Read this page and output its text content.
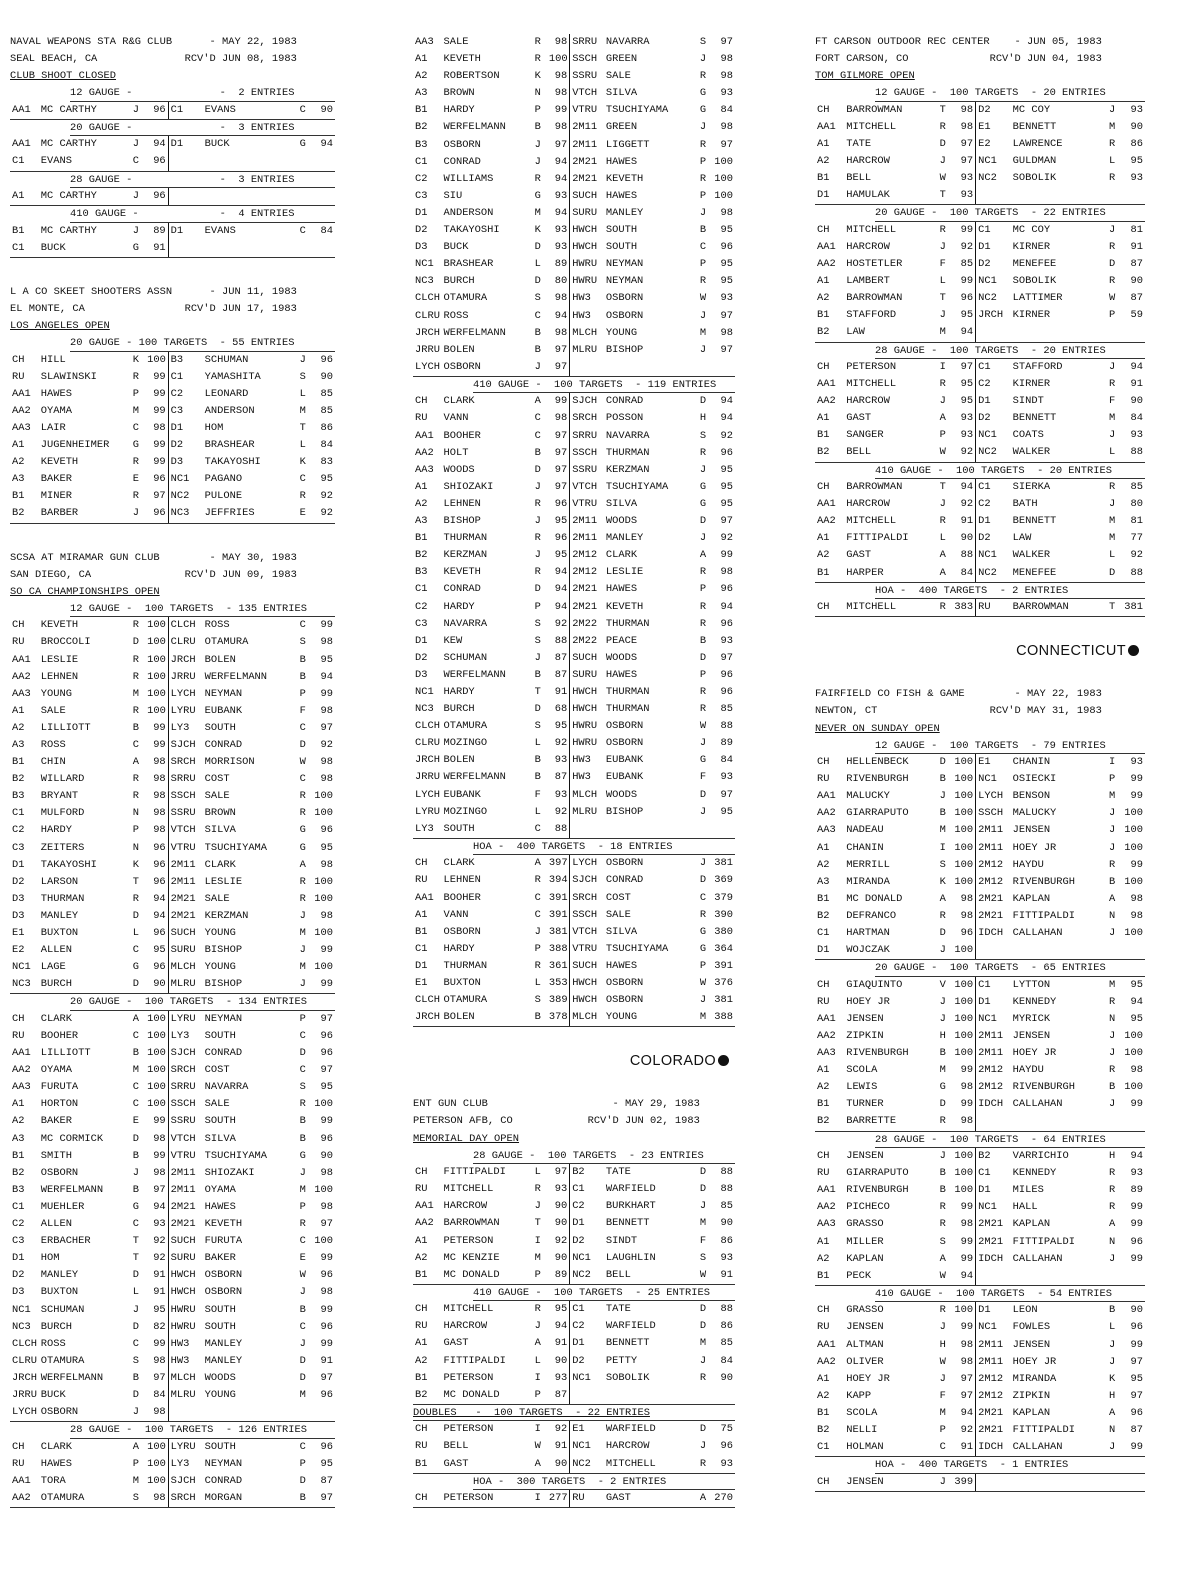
NAVAL WEAPONS STA R&G CLUB      - MAY 22, 1983
SEAL BEACH, CA              RCV'D JUN 08, 1983
CLUB SHOOT CLOSED
12 GAUGE -              -  2 ENTRIES
AA1	MC CARTHY	J	96	C1	EVANS	C	90
20 GAUGE -              -  3 ENTRIES
AA1	MC CARTHY	J	94	D1	BUCK	G	94
C1	EVANS	C	96				
28 GAUGE -              -  3 ENTRIES
A1	MC CARTHY	J	96				
410 GAUGE -             -  4 ENTRIES
B1	MC CARTHY	J	89	D1	EVANS	C	84
C1	BUCK	G	91				
L A CO SKEET SHOOTERS ASSN      - JUN 11, 1983
EL MONTE, CA                RCV'D JUN 17, 1983
LOS ANGELES OPEN
20 GAUGE - 100 TARGETS  - 55 ENTRIES
CH	HILL	K	100	B3	SCHUMAN	J	96
RU	SLAWINSKI	R	99	C1	YAMASHITA	S	90
AA1	HAWES	P	99	C2	LEONARD	L	85
AA2	OYAMA	M	99	C3	ANDERSON	M	85
AA3	LAIR	C	98	D1	HOM	T	86
A1	JUGENHEIMER	G	99	D2	BRASHEAR	L	84
A2	KEVETH	R	99	D3	TAKAYOSHI	K	83
A3	BAKER	E	96	NC1	PAGANO	C	95
B1	MINER	R	97	NC2	PULONE	R	92
B2	BARBER	J	96	NC3	JEFFRIES	E	92
SCSA AT MIRAMAR GUN CLUB        - MAY 30, 1983
SAN DIEGO, CA               RCV'D JUN 09, 1983
SO CA CHAMPIONSHIPS OPEN
12 GAUGE -  100 TARGETS  - 135 ENTRIES
CH	KEVETH	R	100	CLCH	ROSS	C	99
RU	BROCCOLI	D	100	CLRU	OTAMURA	S	98
AA1	LESLIE	R	100	JRCH	BOLEN	B	95
AA2	LEHNEN	R	100	JRRU	WERFELMANN	B	94
AA3	YOUNG	M	100	LYCH	NEYMAN	P	99
A1	SALE	R	100	LYRU	EUBANK	F	98
A2	LILLIOTT	B	99	LY3	SOUTH	C	97
A3	ROSS	C	99	SJCH	CONRAD	D	92
B1	CHIN	A	98	SRCH	MORRISON	W	98
B2	WILLARD	R	98	SRRU	COST	C	98
B3	BRYANT	R	98	SSCH	SALE	R	100
C1	MULFORD	N	98	SSRU	BROWN	R	100
C2	HARDY	P	98	VTCH	SILVA	G	96
C3	ZEITERS	N	96	VTRU	TSUCHIYAMA	G	95
D1	TAKAYOSHI	K	96	2M11	CLARK	A	98
D2	LARSON	T	96	2M11	LESLIE	R	100
D3	THURMAN	R	94	2M21	SALE	R	100
D3	MANLEY	D	94	2M21	KERZMAN	J	98
E1	BUXTON	L	96	SUCH	YOUNG	M	100
E2	ALLEN	C	95	SURU	BISHOP	J	99
NC1	LAGE	G	96	MLCH	YOUNG	M	100
NC3	BURCH	D	90	MLRU	BISHOP	J	99
20 GAUGE -  100 TARGETS  - 134 ENTRIES
CH	CLARK	A	100	LYRU	NEYMAN	P	97
RU	BOOHER	C	100	LY3	SOUTH	C	96
AA1	LILLIOTT	B	100	SJCH	CONRAD	D	96
AA2	OYAMA	M	100	SRCH	COST	C	97
AA3	FURUTA	C	100	SRRU	NAVARRA	S	95
A1	HORTON	C	100	SSCH	SALE	R	100
A2	BAKER	E	99	SSRU	SOUTH	B	99
A3	MC CORMICK	D	98	VTCH	SILVA	B	96
B1	SMITH	B	99	VTRU	TSUCHIYAMA	G	90
B2	OSBORN	J	98	2M11	SHIOZAKI	J	98
B3	WERFELMANN	B	97	2M11	OYAMA	M	100
C1	MUEHLER	G	94	2M21	HAWES	P	98
C2	ALLEN	C	93	2M21	KEVETH	R	97
C3	ERBACHER	T	92	SUCH	FURUTA	C	100
D1	HOM	T	92	SURU	BAKER	E	99
D2	MANLEY	D	91	HWCH	OSBORN	W	96
D3	BUXTON	L	91	HWCH	OSBORN	J	98
NC1	SCHUMAN	J	95	HWRU	SOUTH	B	99
NC3	BURCH	D	82	HWRU	SOUTH	C	96
CLCH	ROSS	C	99	HW3	MANLEY	J	99
CLRU	OTAMURA	S	98	HW3	MANLEY	D	91
JRCH	WERFELMANN	B	97	MLCH	WOODS	D	97
JRRU	BUCK	D	84	MLRU	YOUNG	M	96
LYCH	OSBORN	J	98				
28 GAUGE -  100 TARGETS  - 126 ENTRIES
CH	CLARK	A	100	LYRU	SOUTH	C	96
RU	HAWES	P	100	LY3	NEYMAN	P	95
AA1	TORA	M	100	SJCH	CONRAD	D	87
AA2	OTAMURA	S	98	SRCH	MORGAN	B	97
AA3	SALE	R	98	SRRU	NAVARRA	S	97
A1	KEVETH	R	100	SSCH	GREEN	J	98
A2	ROBERTSON	K	98	SSRU	SALE	R	98
A3	BROWN	N	98	VTCH	SILVA	G	93
B1	HARDY	P	99	VTRU	TSUCHIYAMA	G	84
B2	WERFELMANN	B	98	2M11	GREEN	J	98
B3	OSBORN	J	97	2M11	LIGGETT	R	97
C1	CONRAD	J	94	2M21	HAWES	P	100
C2	WILLIAMS	R	94	2M21	KEVETH	R	100
C3	SIU	G	93	SUCH	HAWES	P	100
D1	ANDERSON	M	94	SURU	MANLEY	J	98
D2	TAKAYOSHI	K	93	HWCH	SOUTH	B	95
D3	BUCK	D	93	HWCH	SOUTH	C	96
NC1	BRASHEAR	L	89	HWRU	NEYMAN	P	95
NC3	BURCH	D	80	HWRU	NEYMAN	R	95
CLCH	OTAMURA	S	98	HW3	OSBORN	W	93
CLRU	ROSS	C	94	HW3	OSBORN	J	97
JRCH	WERFELMANN	B	98	MLCH	YOUNG	M	98
JRRU	BOLEN	B	97	MLRU	BISHOP	J	97
LYCH	OSBORN	J	97				
410 GAUGE -  100 TARGETS  - 119 ENTRIES
CH	CLARK	A	99	SJCH	CONRAD	D	94
RU	VANN	C	98	SRCH	POSSON	H	94
AA1	BOOHER	C	97	SRRU	NAVARRA	S	92
AA2	HOLT	B	97	SSCH	THURMAN	R	96
AA3	WOODS	D	97	SSRU	KERZMAN	J	95
A1	SHIOZAKI	J	97	VTCH	TSUCHIYAMA	G	95
A2	LEHNEN	R	96	VTRU	SILVA	G	95
A3	BISHOP	J	95	2M11	WOODS	D	97
B1	THURMAN	R	96	2M11	MANLEY	J	92
B2	KERZMAN	J	95	2M12	CLARK	A	99
B3	KEVETH	R	94	2M12	LESLIE	R	98
C1	CONRAD	D	94	2M21	HAWES	P	96
C2	HARDY	P	94	2M21	KEVETH	R	94
C3	NAVARRA	S	92	2M22	THURMAN	R	96
D1	KEW	S	88	2M22	PEACE	B	93
D2	SCHUMAN	J	87	SUCH	WOODS	D	97
D3	WERFELMANN	B	87	SURU	HAWES	P	96
NC1	HARDY	T	91	HWCH	THURMAN	R	96
NC3	BURCH	D	68	HWCH	THURMAN	R	85
CLCH	OTAMURA	S	95	HWRU	OSBORN	W	88
CLRU	MOZINGO	L	92	HWRU	OSBORN	J	89
JRCH	BOLEN	B	93	HW3	EUBANK	G	84
JRRU	WERFELMANN	B	87	HW3	EUBANK	F	93
LYCH	EUBANK	F	93	MLCH	WOODS	D	97
LYRU	MOZINGO	L	92	MLRU	BISHOP	J	95
LY3	SOUTH	C	88				
HOA -  400 TARGETS  - 18 ENTRIES
CH	CLARK	A	397	LYCH	OSBORN	J	381
RU	LEHNEN	R	394	SJCH	CONRAD	D	369
AA1	BOOHER	C	391	SRCH	COST	C	379
A1	VANN	C	391	SSCH	SALE	R	390
B1	OSBORN	J	381	VTCH	SILVA	G	380
C1	HARDY	P	388	VTRU	TSUCHIYAMA	G	364
D1	THURMAN	R	361	SUCH	HAWES	P	391
E1	BUXTON	L	353	HWCH	OSBORN	W	376
CLCH	OTAMURA	S	389	HWCH	OSBORN	J	381
JRCH	BOLEN	B	378	MLCH	YOUNG	M	388
COLORADO
ENT GUN CLUB                    - MAY 29, 1983
PETERSON AFB, CO            RCV'D JUN 02, 1983
MEMORIAL DAY OPEN
28 GAUGE -  100 TARGETS  - 23 ENTRIES
CH	FITTIPALDI	L	97	B2	TATE	D	88
RU	MITCHELL	R	93	C1	WARFIELD	D	88
AA1	HARCROW	J	90	C2	BURKHART	J	85
AA2	BARROWMAN	T	90	D1	BENNETT	M	90
A1	PETERSON	I	92	D2	SINDT	F	86
A2	MC KENZIE	M	90	NC1	LAUGHLIN	S	93
B1	MC DONALD	P	89	NC2	BELL	W	91
410 GAUGE -  100 TARGETS  - 25 ENTRIES
CH	MITCHELL	R	95	C1	TATE	D	88
RU	HARCROW	J	94	C2	WARFIELD	D	86
A1	GAST	A	91	D1	BENNETT	M	85
A2	FITTIPALDI	L	90	D2	PETTY	J	84
B1	PETERSON	I	93	NC1	SOBOLIK	R	90
B2	MC DONALD	P	87				
DOUBLES   -  100 TARGETS  - 22 ENTRIES
CH	PETERSON	I	92	E1	WARFIELD	D	75
RU	BELL	W	91	NC1	HARCROW	J	96
B1	GAST	A	90	NC2	MITCHELL	R	93
HOA -  300 TARGETS  - 2 ENTRIES
CH	PETERSON	I	277	RU	GAST	A	270
FT CARSON OUTDOOR REC CENTER    - JUN 05, 1983
FORT CARSON, CO             RCV'D JUN 04, 1983
TOM GILMORE OPEN
12 GAUGE -  100 TARGETS  - 20 ENTRIES
CH	BARROWMAN	T	98	D2	MC COY	J	93
AA1	MITCHELL	R	98	E1	BENNETT	M	90
A1	TATE	D	97	E2	LAWRENCE	R	86
A2	HARCROW	J	97	NC1	GULDMAN	L	95
B1	BELL	W	93	NC2	SOBOLIK	R	93
D1	HAMULAK	T	93				
20 GAUGE -  100 TARGETS  - 22 ENTRIES
CH	MITCHELL	R	99	C1	MC COY	J	81
AA1	HARCROW	J	92	D1	KIRNER	R	91
AA2	HOSTETLER	F	85	D2	MENEFEE	D	87
A1	LAMBERT	L	99	NC1	SOBOLIK	R	90
A2	BARROWMAN	T	96	NC2	LATTIMER	W	87
B1	STAFFORD	J	95	JRCH	KIRNER	P	59
B2	LAW	M	94				
28 GAUGE -  100 TARGETS  - 20 ENTRIES
CH	PETERSON	I	97	C1	STAFFORD	J	94
AA1	MITCHELL	R	95	C2	KIRNER	R	91
AA2	HARCROW	J	95	D1	SINDT	F	90
A1	GAST	A	93	D2	BENNETT	M	84
B1	SANGER	P	93	NC1	COATS	J	93
B2	BELL	W	92	NC2	WALKER	L	88
410 GAUGE -  100 TARGETS  - 20 ENTRIES
CH	BARROWMAN	T	94	C1	SIERKA	R	85
AA1	HARCROW	J	92	C2	BATH	J	80
AA2	MITCHELL	R	91	D1	BENNETT	M	81
A1	FITTIPALDI	L	90	D2	LAW	M	77
A2	GAST	A	88	NC1	WALKER	L	92
B1	HARPER	A	84	NC2	MENEFEE	D	88
HOA -  400 TARGETS  - 2 ENTRIES
CH	MITCHELL	R	383	RU	BARROWMAN	T	381
CONNECTICUT
FAIRFIELD CO FISH & GAME        - MAY 22, 1983
NEWTON, CT                  RCV'D MAY 31, 1983
NEVER ON SUNDAY OPEN
12 GAUGE -  100 TARGETS  - 79 ENTRIES
CH	HELLENBECK	D	100	E1	CHANIN	I	93
RU	RIVENBURGH	B	100	NC1	OSIECKI	P	99
AA1	MALUCKY	J	100	LYCH	BENSON	M	99
AA2	GIARRAPUTO	B	100	SSCH	MALUCKY	J	100
AA3	NADEAU	M	100	2M11	JENSEN	J	100
A1	CHANIN	I	100	2M11	HOEY JR	J	100
A2	MERRILL	S	100	2M12	HAYDU	R	99
A3	MIRANDA	K	100	2M12	RIVENBURGH	B	100
B1	MC DONALD	A	98	2M21	KAPLAN	A	98
B2	DEFRANCO	R	98	2M21	FITTIPALDI	N	98
C1	HARTMAN	D	96	IDCH	CALLAHAN	J	100
D1	WOJCZAK	J	100				
20 GAUGE -  100 TARGETS  - 65 ENTRIES
CH	GIAQUINTO	V	100	C1	LYTTON	M	95
RU	HOEY JR	J	100	D1	KENNEDY	R	94
AA1	JENSEN	J	100	NC1	MYRICK	N	95
AA2	ZIPKIN	H	100	2M11	JENSEN	J	100
AA3	RIVENBURGH	B	100	2M11	HOEY JR	J	100
A1	SCOLA	M	99	2M12	HAYDU	R	98
A2	LEWIS	G	98	2M12	RIVENBURGH	B	100
B1	TURNER	D	99	IDCH	CALLAHAN	J	99
B2	BARRETTE	R	98				
28 GAUGE -  100 TARGETS  - 64 ENTRIES
CH	JENSEN	J	100	B2	VARRICHIO	H	94
RU	GIARRAPUTO	B	100	C1	KENNEDY	R	93
AA1	RIVENBURGH	B	100	D1	MILES	R	89
AA2	PICHECO	R	99	NC1	HALL	R	99
AA3	GRASSO	R	98	2M21	KAPLAN	A	99
A1	MILLER	S	99	2M21	FITTIPALDI	N	96
A2	KAPLAN	A	99	IDCH	CALLAHAN	J	99
B1	PECK	W	94				
410 GAUGE -  100 TARGETS  - 54 ENTRIES
CH	GRASSO	R	100	D1	LEON	B	90
RU	JENSEN	J	99	NC1	FOWLES	L	96
AA1	ALTMAN	H	98	2M11	JENSEN	J	99
AA2	OLIVER	W	98	2M11	HOEY JR	J	97
A1	HOEY JR	J	97	2M12	MIRANDA	K	95
A2	KAPP	F	97	2M12	ZIPKIN	H	97
B1	SCOLA	M	94	2M21	KAPLAN	A	96
B2	NELLI	P	92	2M21	FITTIPALDI	N	87
C1	HOLMAN	C	91	IDCH	CALLAHAN	J	99
HOA -  400 TARGETS  - 1 ENTRIES
CH	JENSEN	J	399				
